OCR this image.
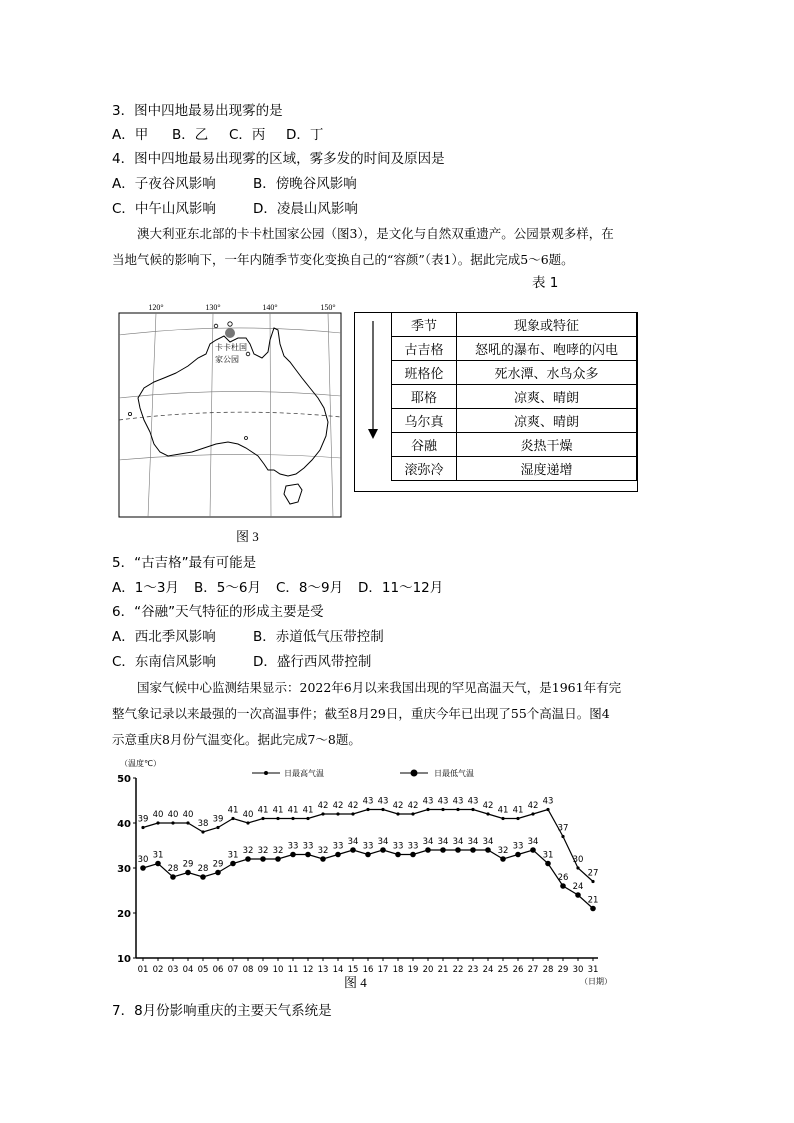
3．图中四地最易出现雾的是
A．甲 B．乙 C．丙 D．丁
4．图中四地最易出现雾的区域，雾多发的时间及原因是
A．子夜谷风影响	B．傍晚谷风影响
C．中午山风影响	D．凌晨山风影响
澳大利亚东北部的卡卡杜国家公园（图3），是文化与自然双重遗产。公园景观多样，在
当地气候的影响下，一年内随季节变化变换自己的“容颜”（表1）。据此完成5～6题。
表 1
120°	130°	140°	150°
卡卡杜国
家公园
图 3
季节	现象或特征
古吉格	怒吼的瀑布、咆哮的闪电
班格伦	死水潭、水鸟众多
耶格	凉爽、晴朗
乌尔真	凉爽、晴朗
谷融	炎热干燥
滚弥冷	湿度递增
5．“古吉格”最有可能是
A．1～3月 B．5～6月 C．8～9月 D．11～12月
6．“谷融”天气特征的形成主要是受
A．西北季风影响	B．赤道低气压带控制
C．东南信风影响	D．盛行西风带控制
国家气候中心监测结果显示：2022年6月以来我国出现的罕见高温天气，是1961年有完
整气象记录以来最强的一次高温事件；截至8月29日，重庆今年已出现了55个高温日。图4
示意重庆8月份气温变化。据此完成7～8题。
（温度℃）
日最高气温	日最低气温
10
20
30
40
50
01 02 03 04 05 06 07 08 09 10 11 12 13 14 15 16 17 18 19 20 21 22 23 24 25 26 27 28 29 30 31
39 40 40 40
38 39
41 40 41 41 41 41 42 42 42 43 43 42 42 43 43 43 43 42 41 41 42 43
37
30
27
30 31
28 29 28 29
31 32 32 32 33 33 32 33 34 33 34 33 33 34 34 34 34 34
32 33 34
31
26
24
21
（日期）
图 4
7．8月份影响重庆的主要天气系统是
